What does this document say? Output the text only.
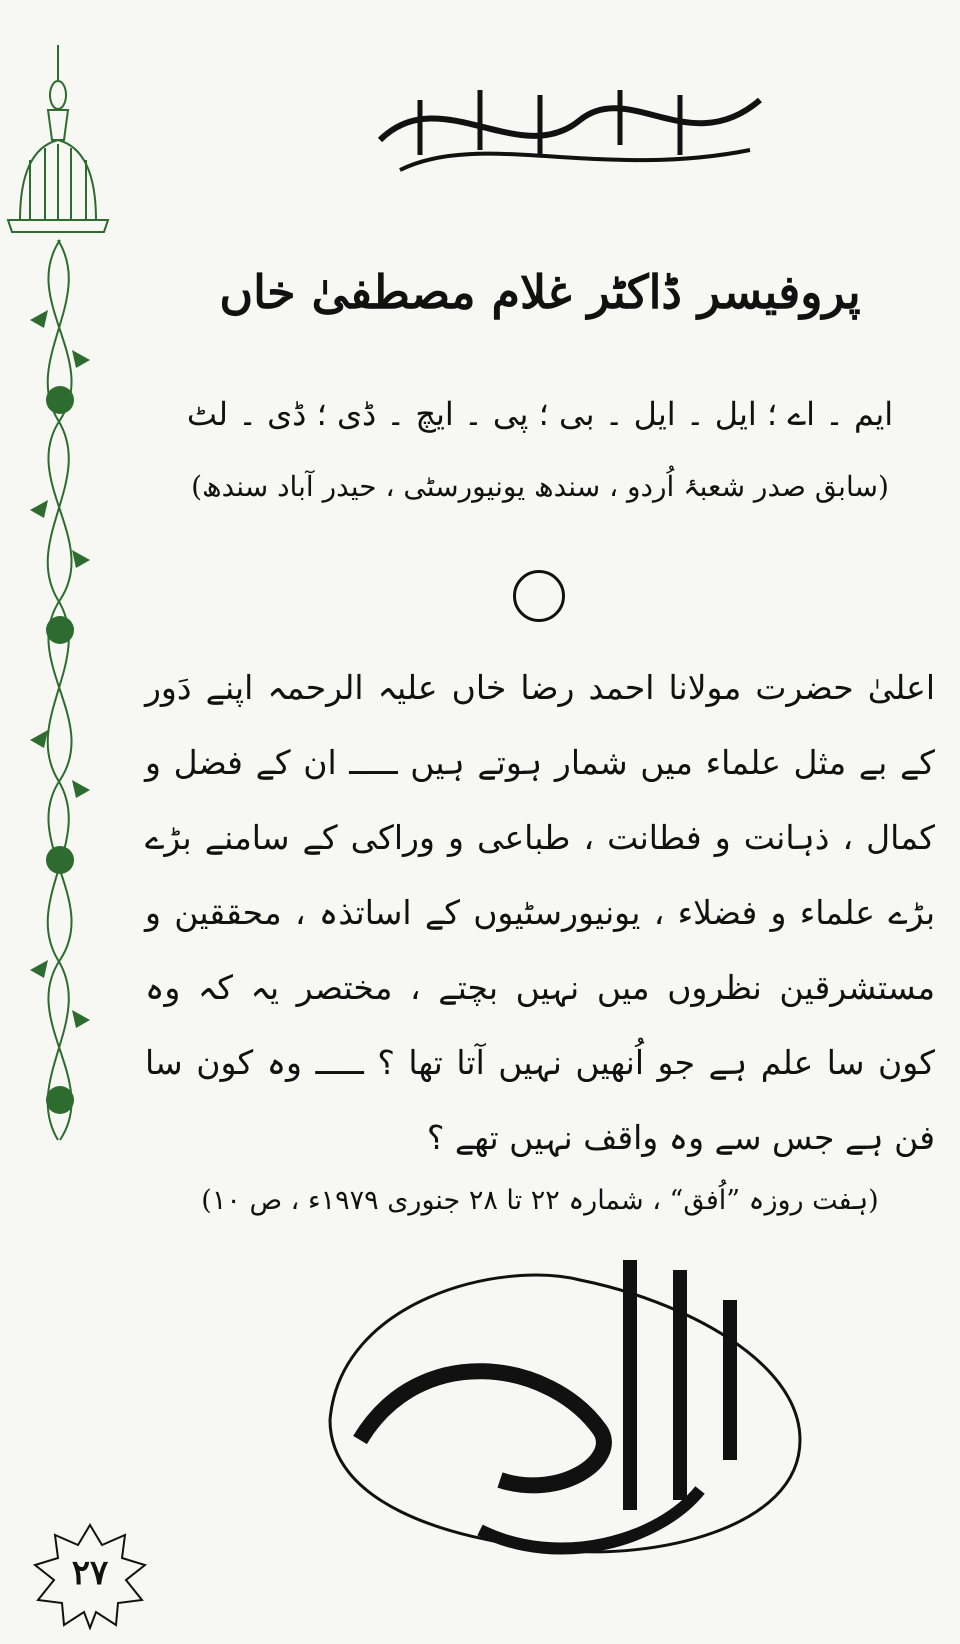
پروفیسر ڈاکٹر غلام مصطفیٰ خاں
ایم ۔ اے ؛ ایل ۔ ایل ۔ بی ؛ پی ۔ ایچ ۔ ڈی ؛ ڈی ۔ لٹ
(سابق صدر شعبۂ اُردو ، سندھ یونیورسٹی ، حیدر آباد سندھ)
اعلیٰ حضرت مولانا احمد رضا خاں علیہ الرحمہ اپنے دَور کے بے مثل علماء میں شمار ہوتے ہیں ـــــ ان کے فضل و کمال ، ذہانت و فطانت ، طباعی و وراکی کے سامنے بڑے بڑے علماء و فضلاء ، یونیورسٹیوں کے اساتذہ ، محققین و مستشرقین نظروں میں نہیں بچتے ، مختصر یہ کہ وہ کون سا علم ہے جو اُنھیں نہیں آتا تھا ؟ ـــــ وہ کون سا فن ہے جس سے وہ واقف نہیں تھے ؟
(ہفت روزہ ”اُفق“ ، شمارہ ۲۲ تا ۲۸ جنوری ۱۹۷۹ء ، ص ۱۰)
۲۷
